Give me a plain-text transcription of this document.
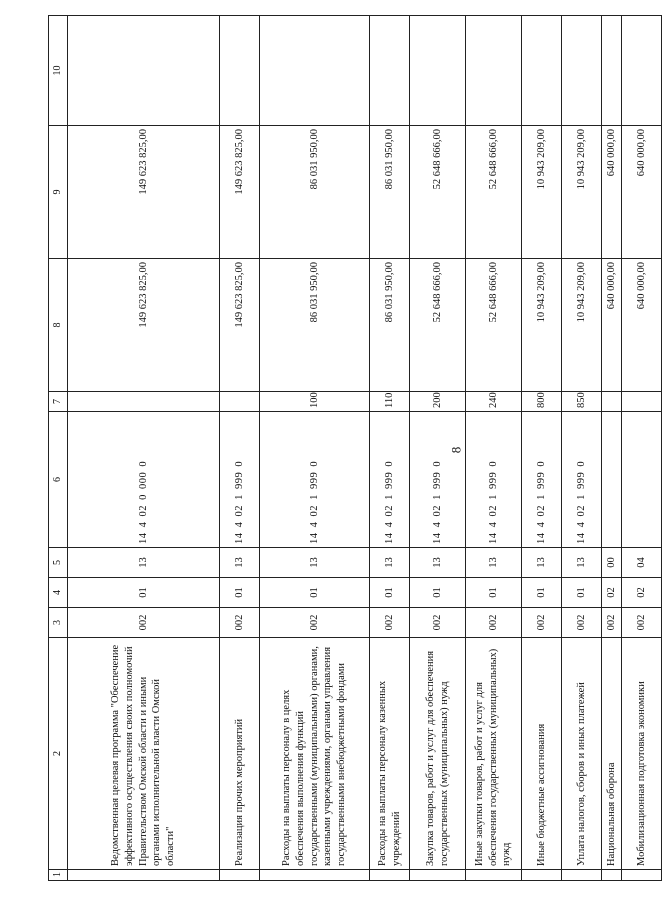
8
1	2	3	4	5	6	7	8	9	10
	Ведомственная целевая программа "Обеспечение эффективного осуществления своих полномочий Правительством Омской области и иными органами исполнительной власти Омской области"	002	01	13	14 4 02 0 000 0		149 623 825,00	149 623 825,00	
	Реализация прочих мероприятий	002	01	13	14 4 02 1 999 0		149 623 825,00	149 623 825,00	
	Расходы на выплаты персоналу в целях обеспечения выполнения функций государственными (муниципальными) органами, казенными учреждениями, органами управления государственными внебюджетными фондами	002	01	13	14 4 02 1 999 0	100	86 031 950,00	86 031 950,00	
	Расходы на выплаты персоналу казенных учреждений	002	01	13	14 4 02 1 999 0	110	86 031 950,00	86 031 950,00	
	Закупка товаров, работ и услуг для обеспечения государственных (муниципальных) нужд	002	01	13	14 4 02 1 999 0	200	52 648 666,00	52 648 666,00	
	Иные закупки товаров, работ и услуг для обеспечения государственных (муниципальных) нужд	002	01	13	14 4 02 1 999 0	240	52 648 666,00	52 648 666,00	
	Иные бюджетные ассигнования	002	01	13	14 4 02 1 999 0	800	10 943 209,00	10 943 209,00	
	Уплата налогов, сборов и иных платежей	002	01	13	14 4 02 1 999 0	850	10 943 209,00	10 943 209,00	
	Национальная оборона	002	02	00			640 000,00	640 000,00	
	Мобилизационная подготовка экономики	002	02	04			640 000,00	640 000,00	
